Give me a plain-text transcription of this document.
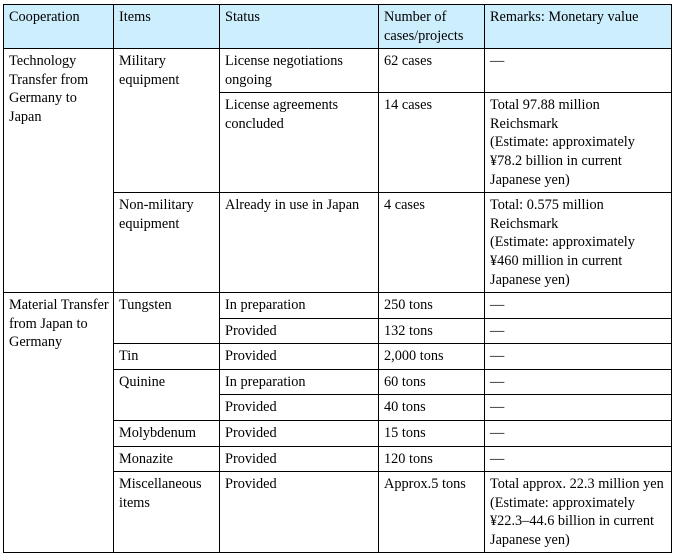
Cooperation	Items	Status	Number of cases/projects	Remarks: Monetary value
Technology Transfer from Germany to Japan	Military equipment	License negotiations ongoing	62 cases	—
		License agreements concluded	14 cases	Total 97.88 million Reichsmark
(Estimate: approximately ¥78.2 billion in current Japanese yen)
	Non-military equipment	Already in use in Japan	4 cases	Total: 0.575 million Reichsmark
(Estimate: approximately ¥460 million in current Japanese yen)
Material Transfer from Japan to Germany	Tungsten	In preparation	250 tons	—
		Provided	132 tons	—
	Tin	Provided	2,000 tons	—
	Quinine	In preparation	60 tons	—
		Provided	40 tons	—
	Molybdenum	Provided	15 tons	—
	Monazite	Provided	120 tons	—
	Miscellaneous items	Provided	Approx.5 tons	Total approx. 22.3 million yen
(Estimate: approximately ¥22.3–44.6 billion in current Japanese yen)
